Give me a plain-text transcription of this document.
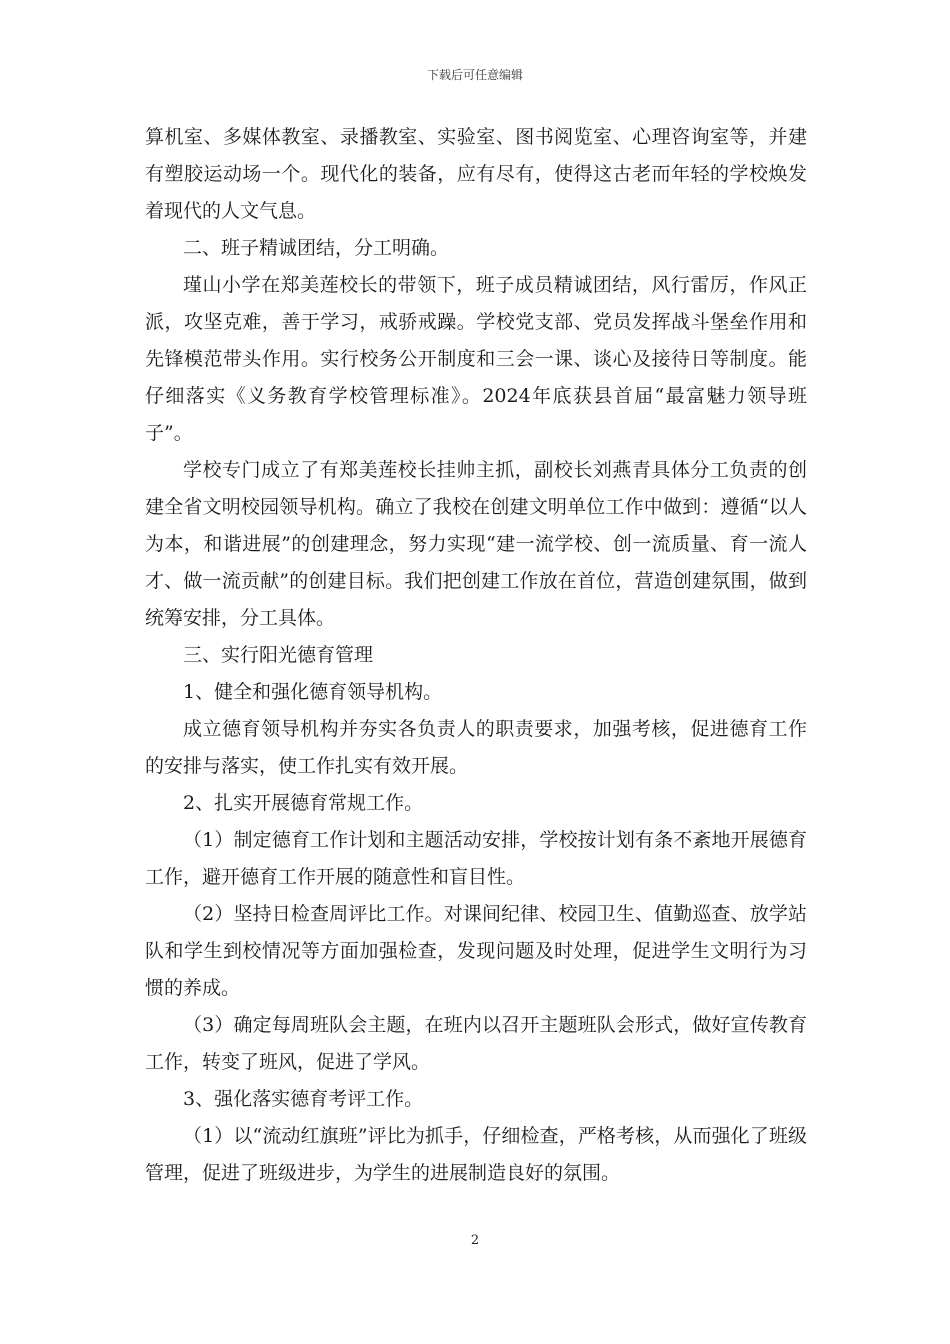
下载后可任意编辑

算机室、多媒体教室、录播教室、实验室、图书阅览室、心理咨询室等，并建有塑胶运动场一个。现代化的装备，应有尽有，使得这古老而年轻的学校焕发着现代的人文气息。

二、班子精诚团结，分工明确。

瑾山小学在郑美莲校长的带领下，班子成员精诚团结，风行雷厉，作风正派，攻坚克难，善于学习，戒骄戒躁。学校党支部、党员发挥战斗堡垒作用和先锋模范带头作用。实行校务公开制度和三会一课、谈心及接待日等制度。能仔细落实《义务教育学校管理标准》。2024年底获县首届“最富魅力领导班子”。

学校专门成立了有郑美莲校长挂帅主抓，副校长刘燕青具体分工负责的创建全省文明校园领导机构。确立了我校在创建文明单位工作中做到：遵循“以人为本，和谐进展”的创建理念，努力实现“建一流学校、创一流质量、育一流人才、做一流贡献”的创建目标。我们把创建工作放在首位，营造创建氛围，做到统筹安排，分工具体。

三、实行阳光德育管理

1、健全和强化德育领导机构。

成立德育领导机构并夯实各负责人的职责要求，加强考核，促进德育工作的安排与落实，使工作扎实有效开展。

2、扎实开展德育常规工作。

（1）制定德育工作计划和主题活动安排，学校按计划有条不紊地开展德育工作，避开德育工作开展的随意性和盲目性。

（2）坚持日检查周评比工作。对课间纪律、校园卫生、值勤巡查、放学站队和学生到校情况等方面加强检查，发现问题及时处理，促进学生文明行为习惯的养成。

（3）确定每周班队会主题，在班内以召开主题班队会形式，做好宣传教育工作，转变了班风，促进了学风。

3、强化落实德育考评工作。

（1）以“流动红旗班”评比为抓手，仔细检查，严格考核，从而强化了班级管理，促进了班级进步，为学生的进展制造良好的氛围。

2
